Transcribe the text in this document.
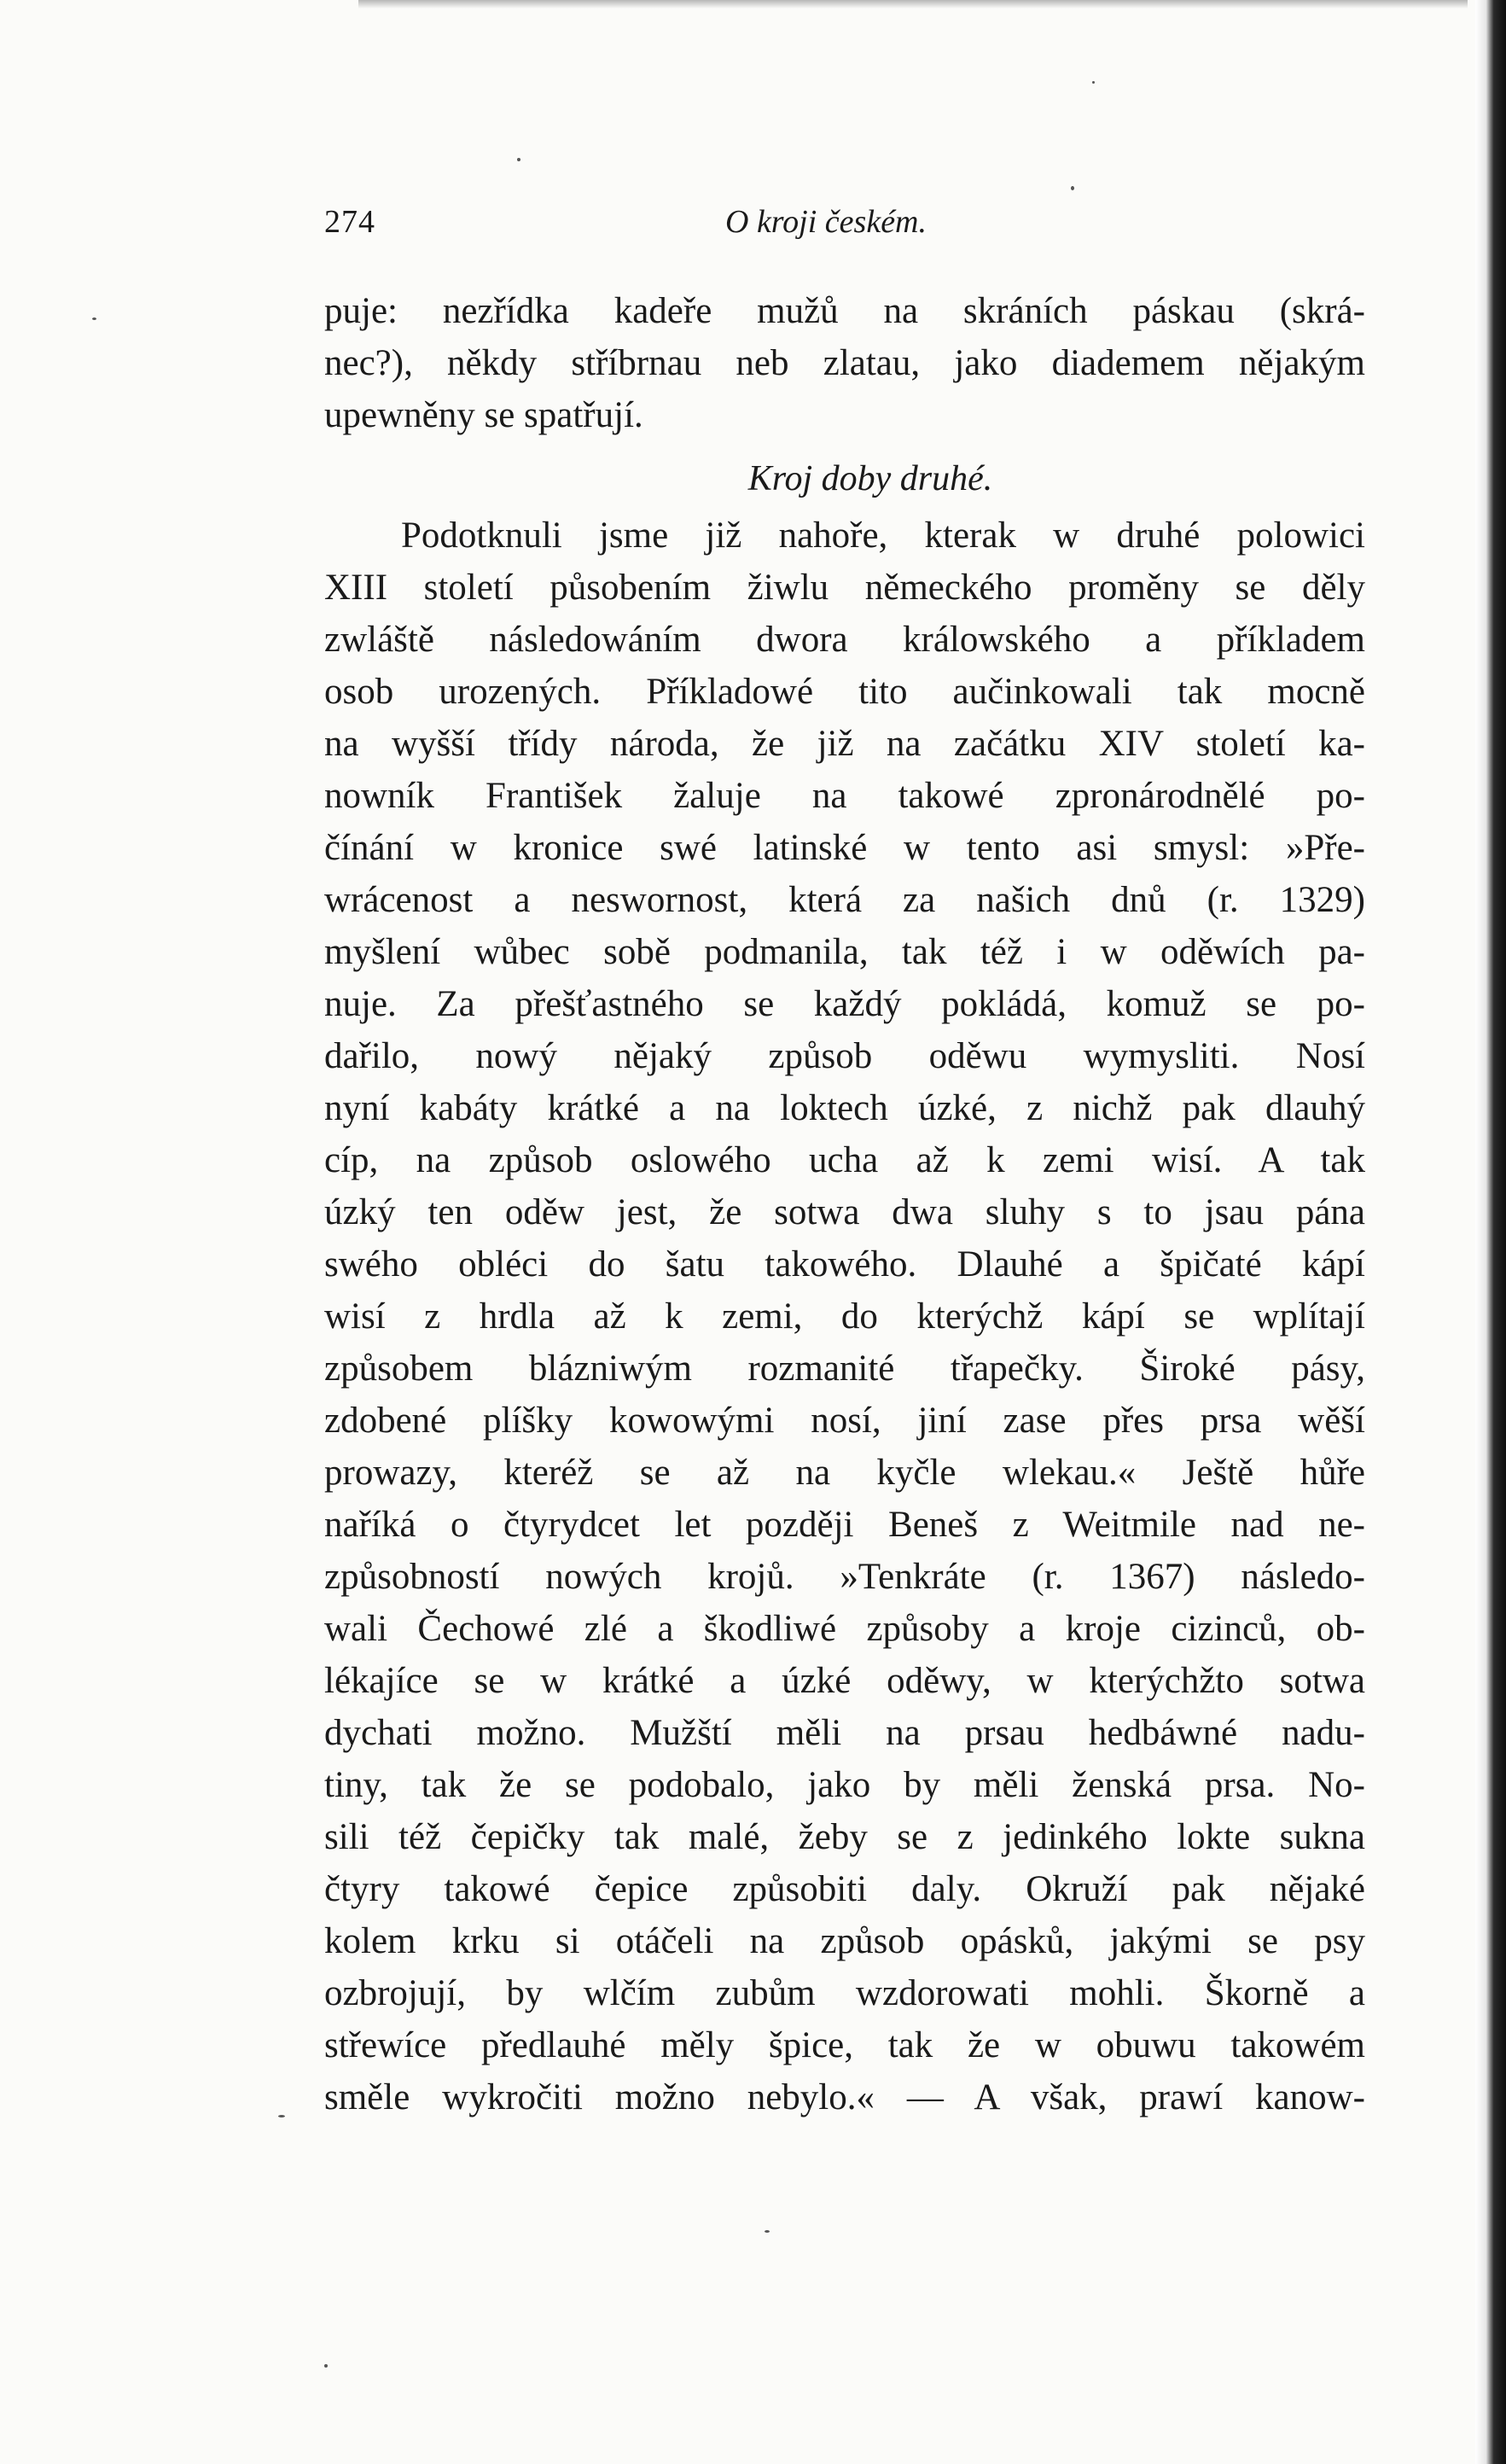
274	O kroji českém.
puje: nezřídka kadeře mužů na skráních páskau (skrá-
nec?), někdy stříbrnau neb zlatau, jako diademem nějakým
upewněny se spatřují.
Kroj doby druhé.
Podotknuli jsme již nahoře, kterak w druhé polowici
XIII století působením žiwlu německého proměny se děly
zwláště následowáním dwora králowského a příkladem
osob urozených. Příkladowé tito aučinkowali tak mocně
na wyšší třídy národa, že již na začátku XIV století ka-
nowník František žaluje na takowé zpronárodnělé po-
čínání w kronice swé latinské w tento asi smysl: »Pře-
wrácenost a neswornost, která za našich dnů (r. 1329)
myšlení wůbec sobě podmanila, tak též i w oděwích pa-
nuje. Za přešťastného se každý pokládá, komuž se po-
dařilo, nowý nějaký způsob oděwu wymysliti. Nosí
nyní kabáty krátké a na loktech úzké, z nichž pak dlauhý
cíp, na způsob oslowého ucha až k zemi wisí. A tak
úzký ten oděw jest, že sotwa dwa sluhy s to jsau pána
swého obléci do šatu takowého. Dlauhé a špičaté kápí
wisí z hrdla až k zemi, do kterýchž kápí se wplítají
způsobem blázniwým rozmanité třapečky. Široké pásy,
zdobené plíšky kowowými nosí, jiní zase přes prsa wěší
prowazy, kteréž se až na kyčle wlekau.« Ještě hůře
naříká o čtyrydcet let později Beneš z Weitmile nad ne-
způsobností nowých krojů. »Tenkráte (r. 1367) následo-
wali Čechowé zlé a škodliwé způsoby a kroje cizinců, ob-
lékajíce se w krátké a úzké oděwy, w kterýchžto sotwa
dychati možno. Mužští měli na prsau hedbáwné nadu-
tiny, tak že se podobalo, jako by měli ženská prsa. No-
sili též čepičky tak malé, žeby se z jedinkého lokte sukna
čtyry takowé čepice způsobiti daly. Okruží pak nějaké
kolem krku si otáčeli na způsob opásků, jakými se psy
ozbrojují, by wlčím zubům wzdorowati mohli. Škorně a
střewíce předlauhé měly špice, tak že w obuwu takowém
směle wykročiti možno nebylo.« — A však, prawí kanow-
